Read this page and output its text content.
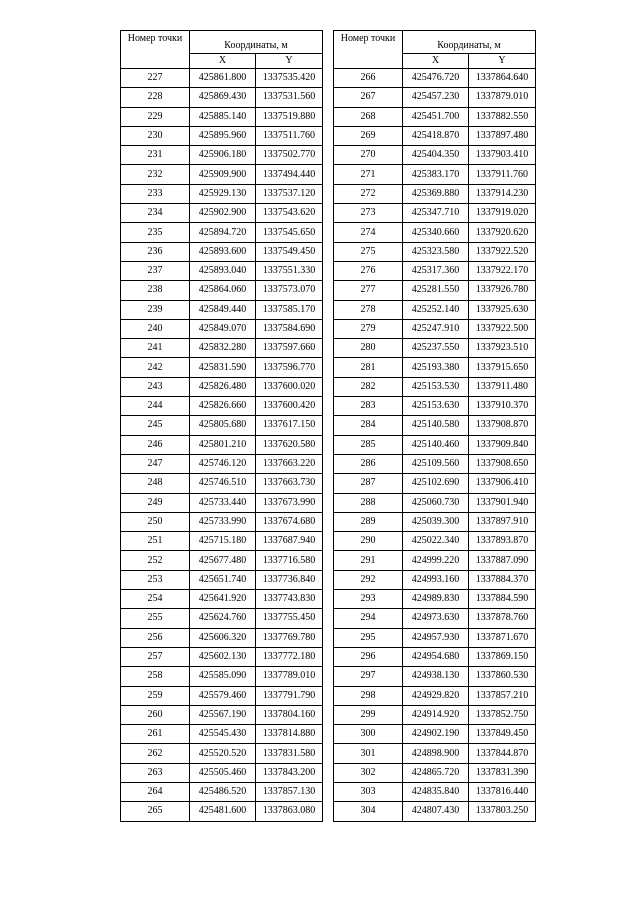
Номер точки	Координаты, м	
	X	Y
227	425861.800	1337535.420
228	425869.430	1337531.560
229	425885.140	1337519.880
230	425895.960	1337511.760
231	425906.180	1337502.770
232	425909.900	1337494.440
233	425929.130	1337537.120
234	425902.900	1337543.620
235	425894.720	1337545.650
236	425893.600	1337549.450
237	425893.040	1337551.330
238	425864.060	1337573.070
239	425849.440	1337585.170
240	425849.070	1337584.690
241	425832.280	1337597.660
242	425831.590	1337596.770
243	425826.480	1337600.020
244	425826.660	1337600.420
245	425805.680	1337617.150
246	425801.210	1337620.580
247	425746.120	1337663.220
248	425746.510	1337663.730
249	425733.440	1337673.990
250	425733.990	1337674.680
251	425715.180	1337687.940
252	425677.480	1337716.580
253	425651.740	1337736.840
254	425641.920	1337743.830
255	425624.760	1337755.450
256	425606.320	1337769.780
257	425602.130	1337772.180
258	425585.090	1337789.010
259	425579.460	1337791.790
260	425567.190	1337804.160
261	425545.430	1337814.880
262	425520.520	1337831.580
263	425505.460	1337843.200
264	425486.520	1337857.130
265	425481.600	1337863.080
Номер точки	Координаты, м	
	X	Y
266	425476.720	1337864.640
267	425457.230	1337879.010
268	425451.700	1337882.550
269	425418.870	1337897.480
270	425404.350	1337903.410
271	425383.170	1337911.760
272	425369.880	1337914.230
273	425347.710	1337919.020
274	425340.660	1337920.620
275	425323.580	1337922.520
276	425317.360	1337922.170
277	425281.550	1337926.780
278	425252.140	1337925.630
279	425247.910	1337922.500
280	425237.550	1337923.510
281	425193.380	1337915.650
282	425153.530	1337911.480
283	425153.630	1337910.370
284	425140.580	1337908.870
285	425140.460	1337909.840
286	425109.560	1337908.650
287	425102.690	1337906.410
288	425060.730	1337901.940
289	425039.300	1337897.910
290	425022.340	1337893.870
291	424999.220	1337887.090
292	424993.160	1337884.370
293	424989.830	1337884.590
294	424973.630	1337878.760
295	424957.930	1337871.670
296	424954.680	1337869.150
297	424938.130	1337860.530
298	424929.820	1337857.210
299	424914.920	1337852.750
300	424902.190	1337849.450
301	424898.900	1337844.870
302	424865.720	1337831.390
303	424835.840	1337816.440
304	424807.430	1337803.250
